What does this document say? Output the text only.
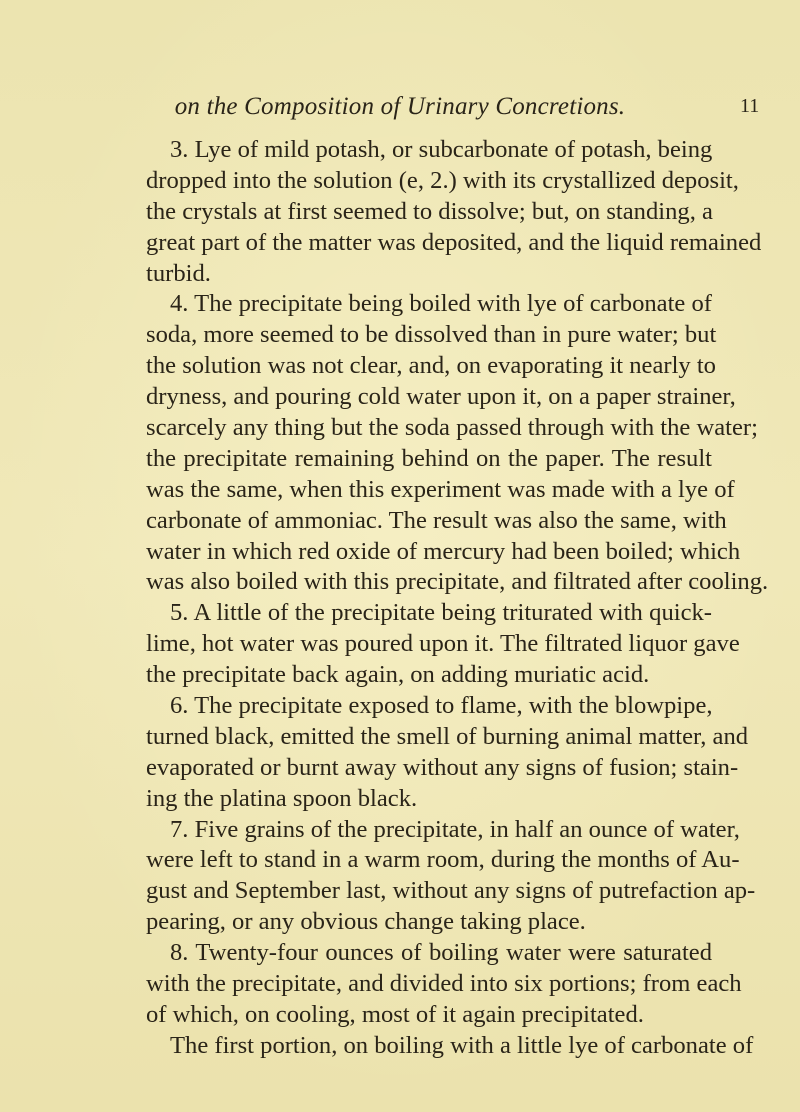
on the Composition of Urinary Concretions.	11
3. Lye of mild potash, or subcarbonate of potash, being
dropped into the solution (e, 2.) with its crystallized deposit,
the crystals at first seemed to dissolve; but, on standing, a
great part of the matter was deposited, and the liquid remained
turbid.
4. The precipitate being boiled with lye of carbonate of
soda, more seemed to be dissolved than in pure water; but
the solution was not clear, and, on evaporating it nearly to
dryness, and pouring cold water upon it, on a paper strainer,
scarcely any thing but the soda passed through with the water;
the precipitate remaining behind on the paper. The result
was the same, when this experiment was made with a lye of
carbonate of ammoniac. The result was also the same, with
water in which red oxide of mercury had been boiled; which
was also boiled with this precipitate, and filtrated after cooling.
5. A little of the precipitate being triturated with quick-
lime, hot water was poured upon it. The filtrated liquor gave
the precipitate back again, on adding muriatic acid.
6. The precipitate exposed to flame, with the blowpipe,
turned black, emitted the smell of burning animal matter, and
evaporated or burnt away without any signs of fusion; stain-
ing the platina spoon black.
7. Five grains of the precipitate, in half an ounce of water,
were left to stand in a warm room, during the months of Au-
gust and September last, without any signs of putrefaction ap-
pearing, or any obvious change taking place.
8. Twenty-four ounces of boiling water were saturated
with the precipitate, and divided into six portions; from each
of which, on cooling, most of it again precipitated.
The first portion, on boiling with a little lye of carbonate of
